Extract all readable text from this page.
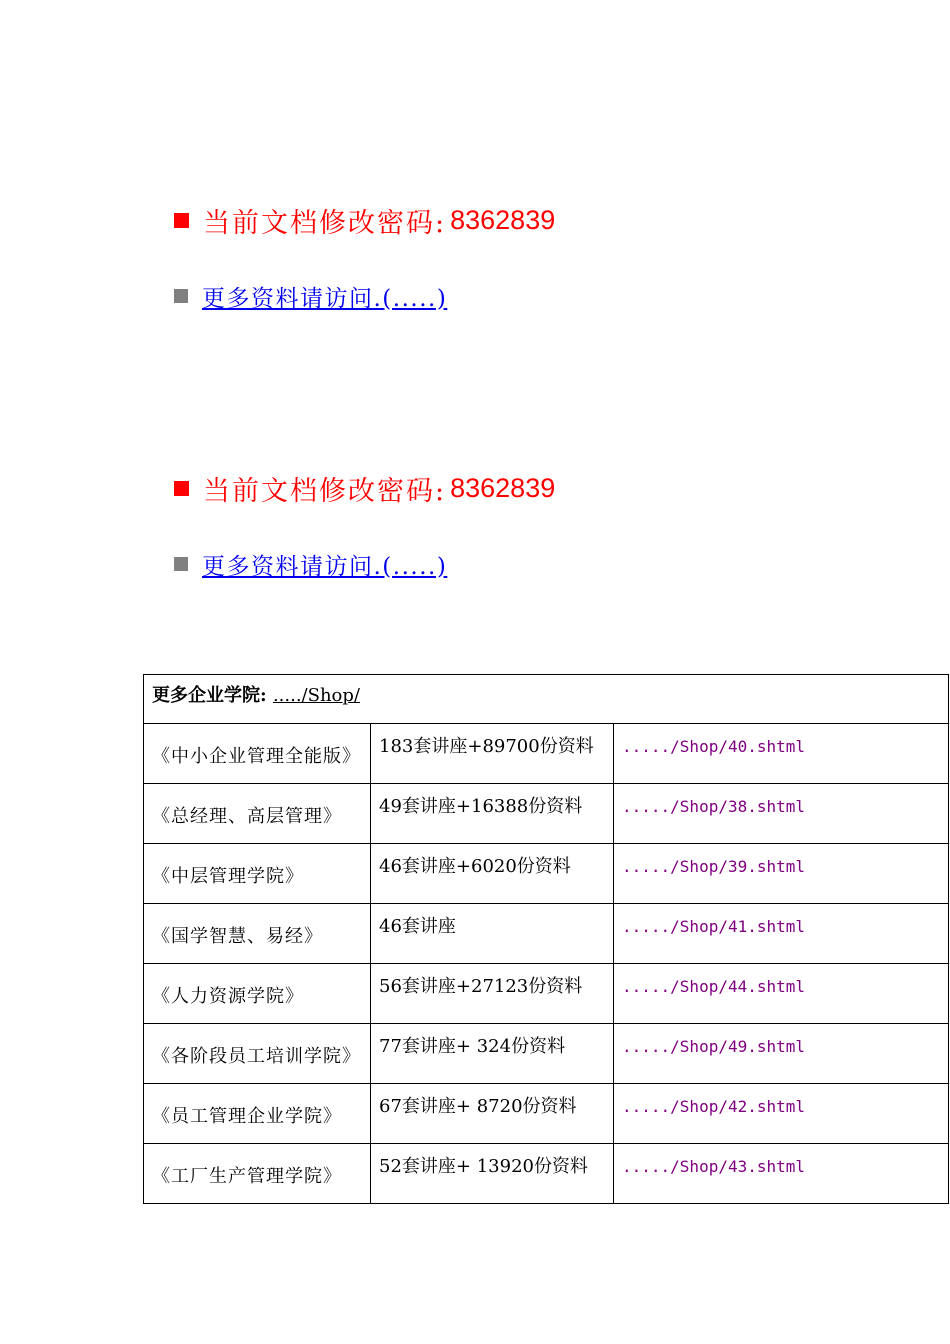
当前文档修改密码: 8362839
更多资料请访问.(.....)
当前文档修改密码: 8362839
更多资料请访问.(.....)
更多企业学院: ...../Shop/		
《中小企业管理全能版》	183套讲座+89700份资料	...../Shop/40.shtml
《总经理、高层管理》	49套讲座+16388份资料	...../Shop/38.shtml
《中层管理学院》	46套讲座+6020份资料	...../Shop/39.shtml
《国学智慧、易经》	46套讲座	...../Shop/41.shtml
《人力资源学院》	56套讲座+27123份资料	...../Shop/44.shtml
《各阶段员工培训学院》	77套讲座+ 324份资料	...../Shop/49.shtml
《员工管理企业学院》	67套讲座+ 8720份资料	...../Shop/42.shtml
《工厂生产管理学院》	52套讲座+ 13920份资料	...../Shop/43.shtml
